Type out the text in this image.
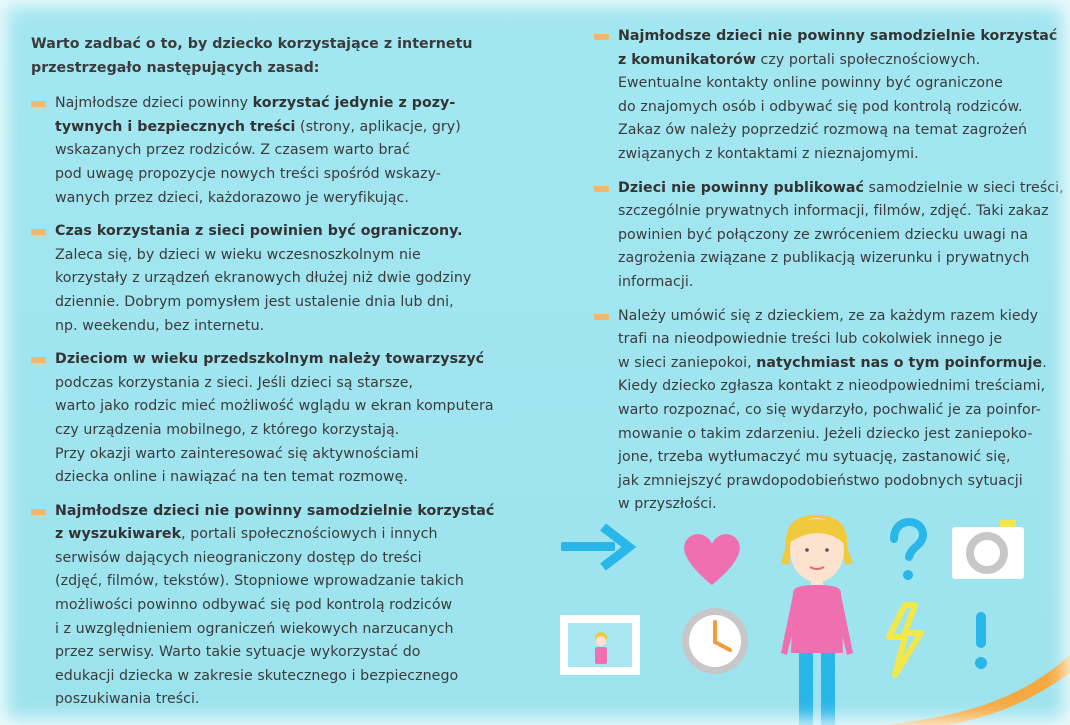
Warto zadbać o to, by dziecko korzystające z internetu
przestrzegało następujących zasad:

Najmłodsze dzieci powinny korzystać jedynie z pozy-
tywnych i bezpiecznych treści (strony, aplikacje, gry)
wskazanych przez rodziców. Z czasem warto brać
pod uwagę propozycje nowych treści spośród wskazy-
wanych przez dzieci, każdorazowo je weryfikując.

Czas korzystania z sieci powinien być ograniczony.
Zaleca się, by dzieci w wieku wczesnoszkolnym nie
korzystały z urządzeń ekranowych dłużej niż dwie godziny
dziennie. Dobrym pomysłem jest ustalenie dnia lub dni,
np. weekendu, bez internetu.

Dzieciom w wieku przedszkolnym należy towarzyszyć
podczas korzystania z sieci. Jeśli dzieci są starsze,
warto jako rodzic mieć możliwość wglądu w ekran komputera
czy urządzenia mobilnego, z którego korzystają.
Przy okazji warto zainteresować się aktywnościami
dziecka online i nawiązać na ten temat rozmowę.

Najmłodsze dzieci nie powinny samodzielnie korzystać
z wyszukiwarek, portali społecznościowych i innych
serwisów dających nieograniczony dostęp do treści
(zdjęć, filmów, tekstów). Stopniowe wprowadzanie takich
możliwości powinno odbywać się pod kontrolą rodziców
i z uwzględnieniem ograniczeń wiekowych narzucanych
przez serwisy. Warto takie sytuacje wykorzystać do
edukacji dziecka w zakresie skutecznego i bezpiecznego
poszukiwania treści.

Najmłodsze dzieci nie powinny samodzielnie korzystać
z komunikatorów czy portali społecznościowych.
Ewentualne kontakty online powinny być ograniczone
do znajomych osób i odbywać się pod kontrolą rodziców.
Zakaz ów należy poprzedzić rozmową na temat zagrożeń
związanych z kontaktami z nieznajomymi.

Dzieci nie powinny publikować samodzielnie w sieci treści,
szczególnie prywatnych informacji, filmów, zdjęć. Taki zakaz
powinien być połączony ze zwróceniem dziecku uwagi na
zagrożenia związane z publikacją wizerunku i prywatnych
informacji.

Należy umówić się z dzieckiem, ze za każdym razem kiedy
trafi na nieodpowiednie treści lub cokolwiek innego je
w sieci zaniepokoi, natychmiast nas o tym poinformuje.
Kiedy dziecko zgłasza kontakt z nieodpowiednimi treściami,
warto rozpoznać, co się wydarzyło, pochwalić je za poinfor-
mowanie o takim zdarzeniu. Jeżeli dziecko jest zaniepoko-
jone, trzeba wytłumaczyć mu sytuację, zastanowić się,
jak zmniejszyć prawdopodobieństwo podobnych sytuacji
w przyszłości.
